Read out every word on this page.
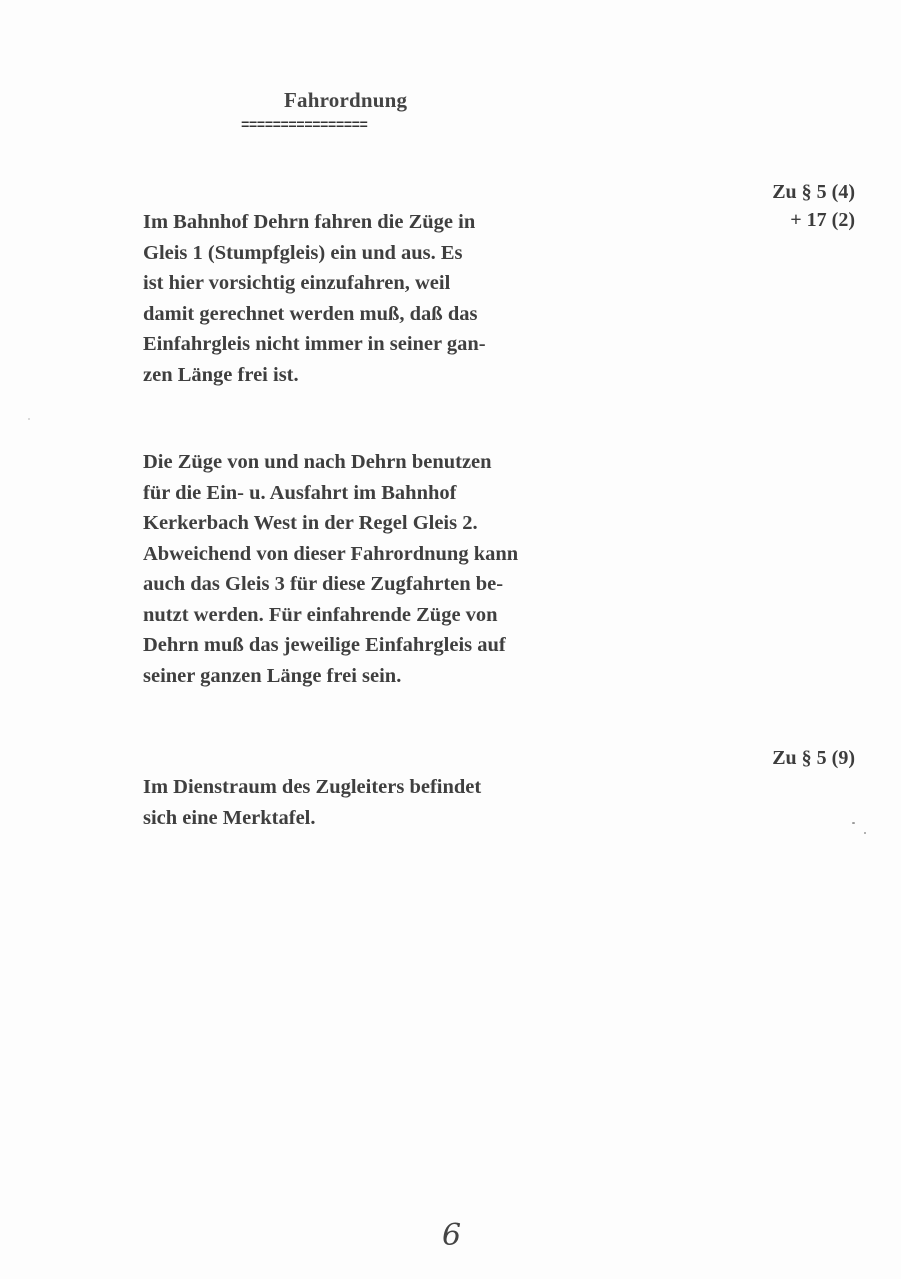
Fahrordnung
================
Zu § 5 (4)
+ 17 (2)
Im Bahnhof Dehrn fahren die Züge in
Gleis 1 (Stumpfgleis) ein und aus. Es
ist hier vorsichtig einzufahren, weil
damit gerechnet werden muß, daß das
Einfahrgleis nicht immer in seiner gan-
zen Länge frei ist.
Die Züge von und nach Dehrn benutzen
für die Ein- u. Ausfahrt im Bahnhof
Kerkerbach West in der Regel Gleis 2.
Abweichend von dieser Fahrordnung kann
auch das Gleis 3 für diese Zugfahrten be-
nutzt werden. Für einfahrende Züge von
Dehrn muß das jeweilige Einfahrgleis auf
seiner ganzen Länge frei sein.
Zu § 5 (9)
Im Dienstraum des Zugleiters befindet
sich eine Merktafel.
6
